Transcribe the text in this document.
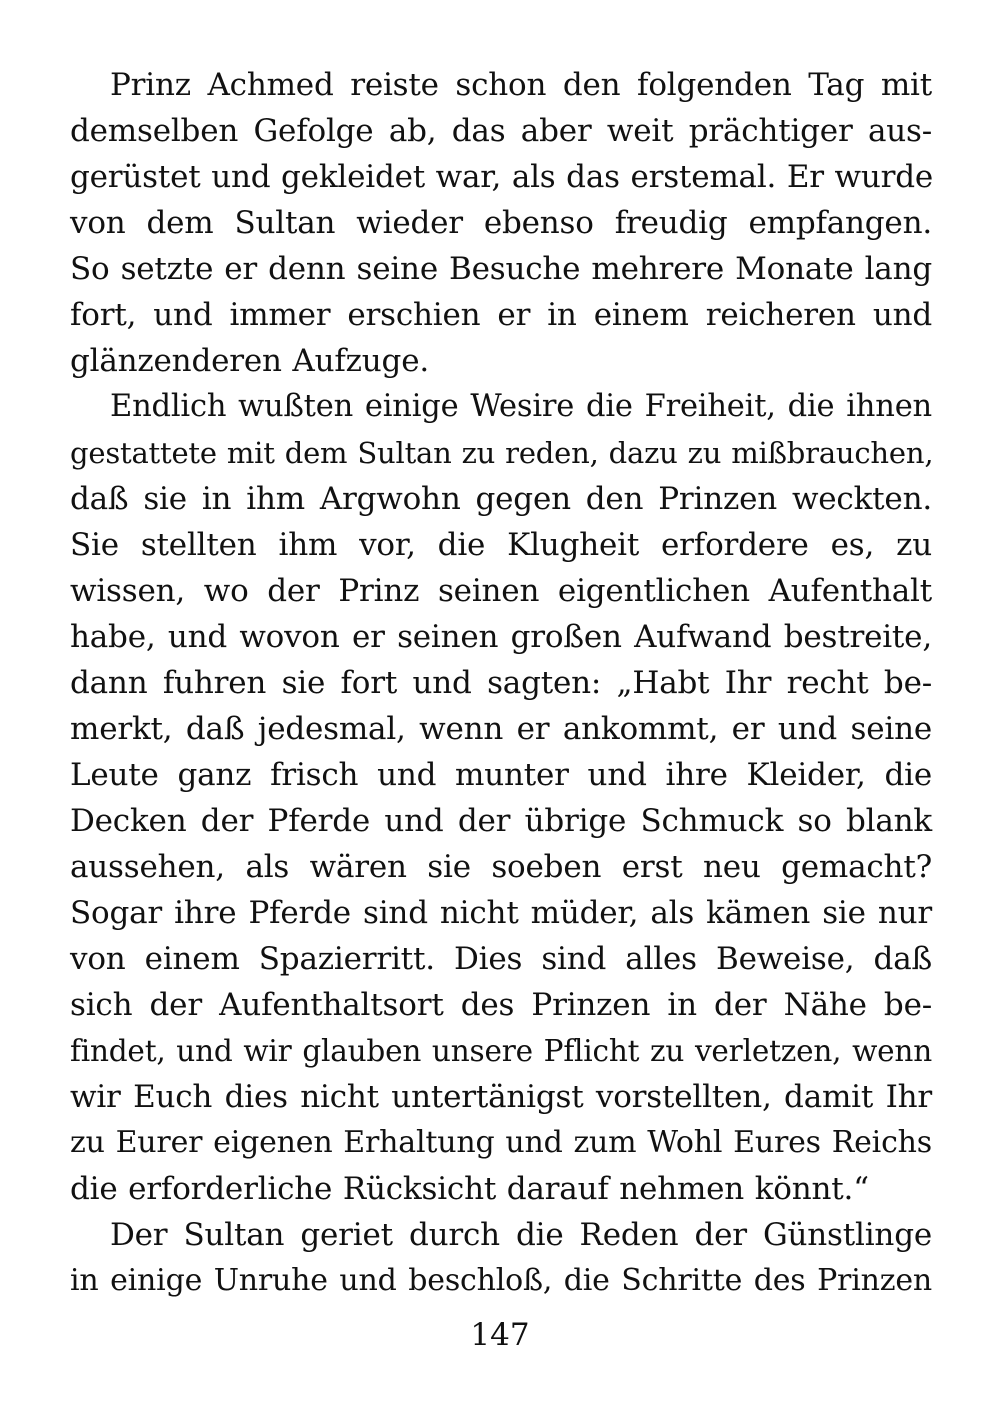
Prinz Achmed reiste schon den folgenden Tag mit
demselben Gefolge ab, das aber weit prächtiger aus-
gerüstet und gekleidet war, als das erstemal. Er wurde
von dem Sultan wieder ebenso freudig empfangen.
So setzte er denn seine Besuche mehrere Monate lang
fort, und immer erschien er in einem reicheren und
glänzenderen Aufzuge.
Endlich wußten einige Wesire die Freiheit, die ihnen
gestattete mit dem Sultan zu reden, dazu zu mißbrauchen,
daß sie in ihm Argwohn gegen den Prinzen weckten.
Sie stellten ihm vor, die Klugheit erfordere es, zu
wissen, wo der Prinz seinen eigentlichen Aufenthalt
habe, und wovon er seinen großen Aufwand bestreite,
dann fuhren sie fort und sagten: „Habt Ihr recht be-
merkt, daß jedesmal, wenn er ankommt, er und seine
Leute ganz frisch und munter und ihre Kleider, die
Decken der Pferde und der übrige Schmuck so blank
aussehen, als wären sie soeben erst neu gemacht?
Sogar ihre Pferde sind nicht müder, als kämen sie nur
von einem Spazierritt. Dies sind alles Beweise, daß
sich der Aufenthaltsort des Prinzen in der Nähe be-
findet, und wir glauben unsere Pflicht zu verletzen, wenn
wir Euch dies nicht untertänigst vorstellten, damit Ihr
zu Eurer eigenen Erhaltung und zum Wohl Eures Reichs
die erforderliche Rücksicht darauf nehmen könnt.“
Der Sultan geriet durch die Reden der Günstlinge
in einige Unruhe und beschloß, die Schritte des Prinzen
147
